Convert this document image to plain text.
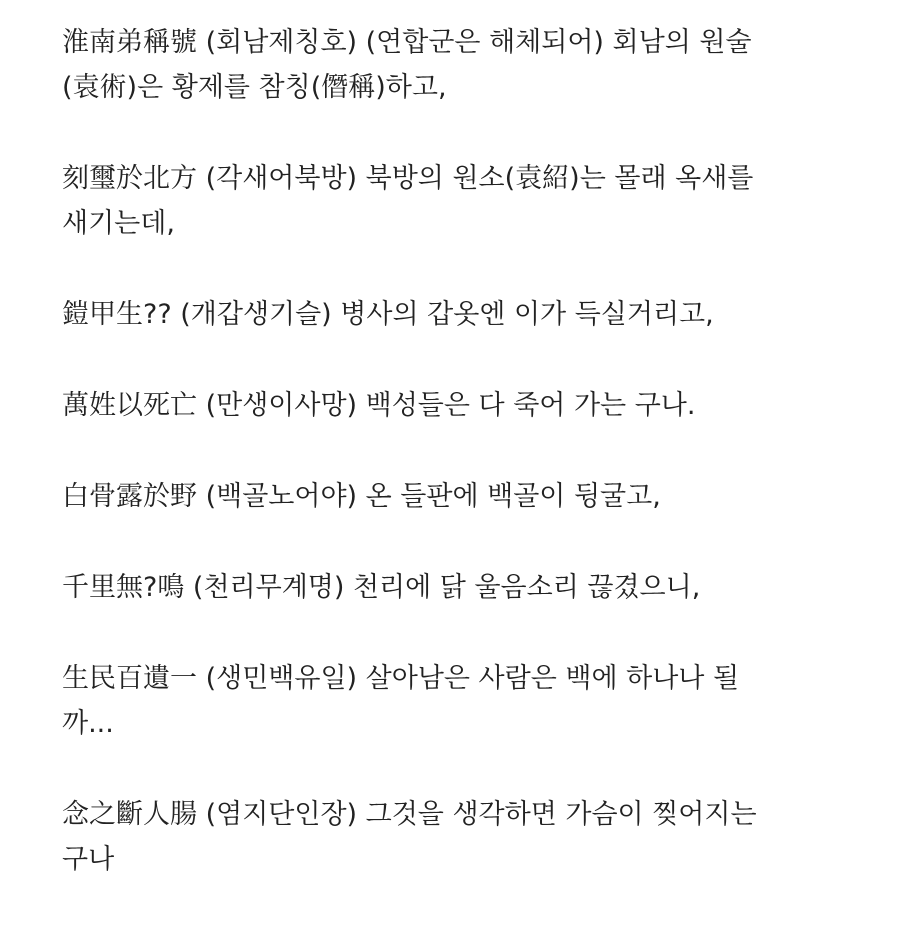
淮南弟稱號 (회남제칭호) (연합군은 해체되어) 회남의 원술
(袁術)은 황제를 참칭(僭稱)하고,

刻璽於北方 (각새어북방) 북방의 원소(袁紹)는 몰래 옥새를
새기는데,

鎧甲生?? (개갑생기슬) 병사의 갑옷엔 이가 득실거리고,

萬姓以死亡 (만생이사망) 백성들은 다 죽어 가는 구나.

白骨露於野 (백골노어야) 온 들판에 백골이 뒹굴고,

千里無?鳴 (천리무계명) 천리에 닭 울음소리 끊겼으니,

生民百遺一 (생민백유일) 살아남은 사람은 백에 하나나 될
까...

念之斷人腸 (염지단인장) 그것을 생각하면 가슴이 찢어지는
구나
